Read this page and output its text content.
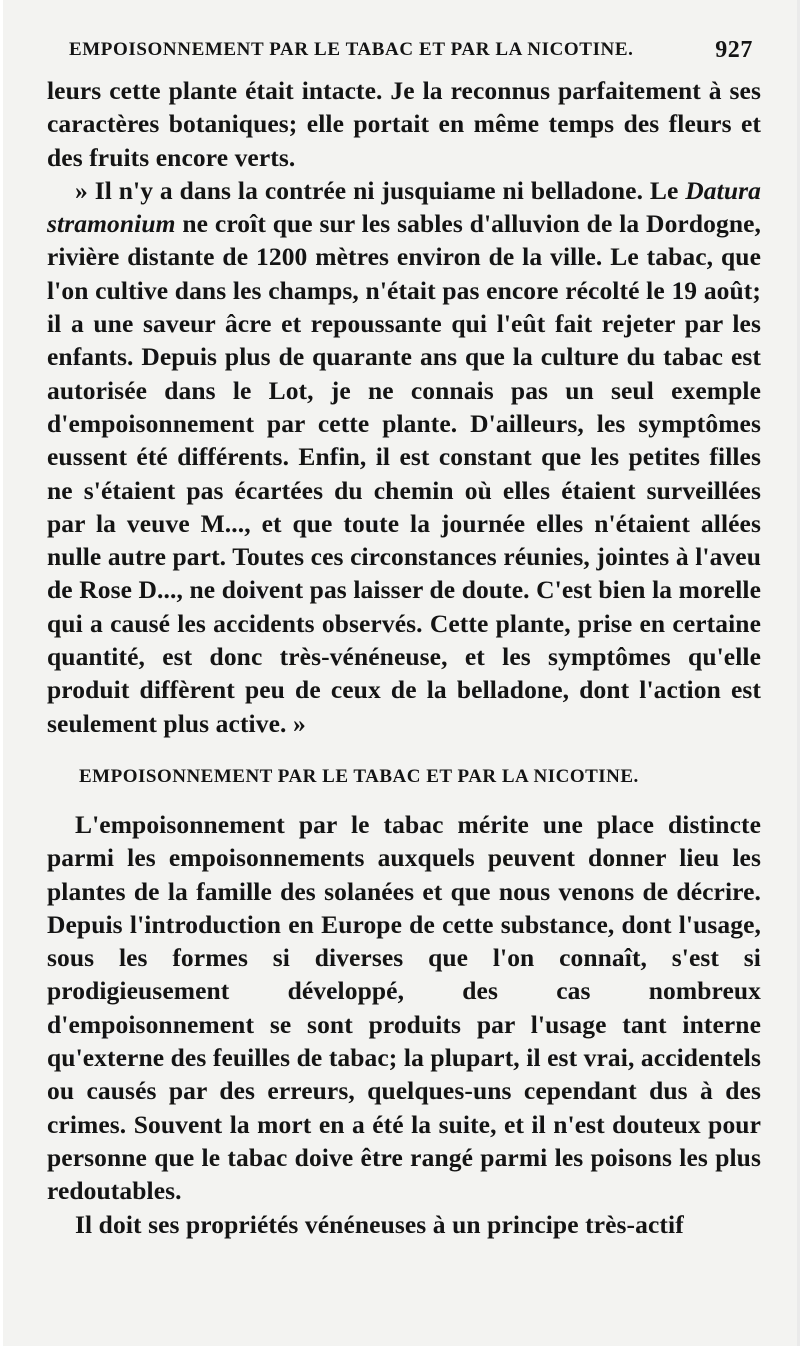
EMPOISONNEMENT PAR LE TABAC ET PAR LA NICOTINE.	927

leurs cette plante était intacte. Je la reconnus parfaitement à ses caractères botaniques; elle portait en même temps des fleurs et des fruits encore verts.

» Il n'y a dans la contrée ni jusquiame ni belladone. Le Datura stramonium ne croît que sur les sables d'alluvion de la Dordogne, rivière distante de 1200 mètres environ de la ville. Le tabac, que l'on cultive dans les champs, n'était pas encore récolté le 19 août; il a une saveur âcre et repoussante qui l'eût fait rejeter par les enfants. Depuis plus de quarante ans que la culture du tabac est autorisée dans le Lot, je ne connais pas un seul exemple d'empoisonnement par cette plante. D'ailleurs, les symptômes eussent été différents. Enfin, il est constant que les petites filles ne s'étaient pas écartées du chemin où elles étaient surveillées par la veuve M..., et que toute la journée elles n'étaient allées nulle autre part. Toutes ces circonstances réunies, jointes à l'aveu de Rose D..., ne doivent pas laisser de doute. C'est bien la morelle qui a causé les accidents observés. Cette plante, prise en certaine quantité, est donc très-vénéneuse, et les symptômes qu'elle produit diffèrent peu de ceux de la belladone, dont l'action est seulement plus active. »

EMPOISONNEMENT PAR LE TABAC ET PAR LA NICOTINE.

L'empoisonnement par le tabac mérite une place distincte parmi les empoisonnements auxquels peuvent donner lieu les plantes de la famille des solanées et que nous venons de décrire. Depuis l'introduction en Europe de cette substance, dont l'usage, sous les formes si diverses que l'on connaît, s'est si prodigieusement développé, des cas nombreux d'empoisonnement se sont produits par l'usage tant interne qu'externe des feuilles de tabac; la plupart, il est vrai, accidentels ou causés par des erreurs, quelques-uns cependant dus à des crimes. Souvent la mort en a été la suite, et il n'est douteux pour personne que le tabac doive être rangé parmi les poisons les plus redoutables.

Il doit ses propriétés vénéneuses à un principe très-actif
